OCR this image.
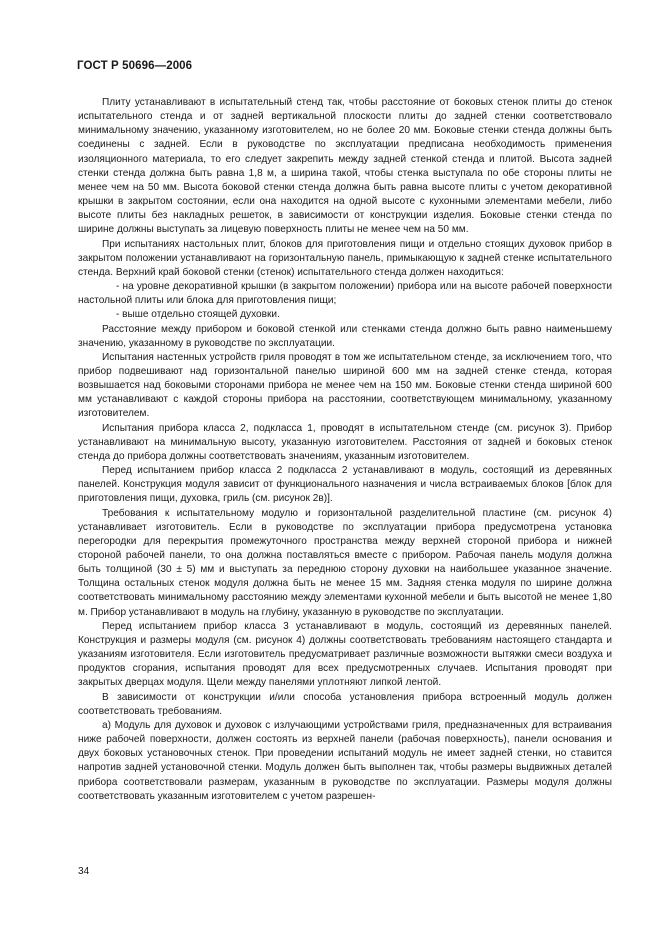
ГОСТ Р 50696—2006

Плиту устанавливают в испытательный стенд так, чтобы расстояние от боковых стенок плиты до стенок испытательного стенда и от задней вертикальной плоскости плиты до задней стенки соответствовало минимальному значению, указанному изготовителем, но не более 20 мм. Боковые стенки стенда должны быть соединены с задней. Если в руководстве по эксплуатации предписана необходимость применения изоляционного материала, то его следует закрепить между задней стенкой стенда и плитой. Высота задней стенки стенда должна быть равна 1,8 м, а ширина такой, чтобы стенка выступала по обе стороны плиты не менее чем на 50 мм. Высота боковой стенки стенда должна быть равна высоте плиты с учетом декоративной крышки в закрытом состоянии, если она находится на одной высоте с кухонными элементами мебели, либо высоте плиты без накладных решеток, в зависимости от конструкции изделия. Боковые стенки стенда по ширине должны выступать за лицевую поверхность плиты не менее чем на 50 мм.

При испытаниях настольных плит, блоков для приготовления пищи и отдельно стоящих духовок прибор в закрытом положении устанавливают на горизонтальную панель, примыкающую к задней стенке испытательного стенда. Верхний край боковой стенки (стенок) испытательного стенда должен находиться:

- на уровне декоративной крышки (в закрытом положении) прибора или на высоте рабочей поверхности настольной плиты или блока для приготовления пищи;

- выше отдельно стоящей духовки.

Расстояние между прибором и боковой стенкой или стенками стенда должно быть равно наименьшему значению, указанному в руководстве по эксплуатации.

Испытания настенных устройств гриля проводят в том же испытательном стенде, за исключением того, что прибор подвешивают над горизонтальной панелью шириной 600 мм на задней стенке стенда, которая возвышается над боковыми сторонами прибора не менее чем на 150 мм. Боковые стенки стенда шириной 600 мм устанавливают с каждой стороны прибора на расстоянии, соответствующем минимальному, указанному изготовителем.

Испытания прибора класса 2, подкласса 1, проводят в испытательном стенде (см. рисунок 3). Прибор устанавливают на минимальную высоту, указанную изготовителем. Расстояния от задней и боковых стенок стенда до прибора должны соответствовать значениям, указанным изготовителем.

Перед испытанием прибор класса 2 подкласса 2 устанавливают в модуль, состоящий из деревянных панелей. Конструкция модуля зависит от функционального назначения и числа встраиваемых блоков [блок для приготовления пищи, духовка, гриль (см. рисунок 2в)].

Требования к испытательному модулю и горизонтальной разделительной пластине (см. рисунок 4) устанавливает изготовитель. Если в руководстве по эксплуатации прибора предусмотрена установка перегородки для перекрытия промежуточного пространства между верхней стороной прибора и нижней стороной рабочей панели, то она должна поставляться вместе с прибором. Рабочая панель модуля должна быть толщиной (30 ± 5) мм и выступать за переднюю сторону духовки на наибольшее указанное значение. Толщина остальных стенок модуля должна быть не менее 15 мм. Задняя стенка модуля по ширине должна соответствовать минимальному расстоянию между элементами кухонной мебели и быть высотой не менее 1,80 м. Прибор устанавливают в модуль на глубину, указанную в руководстве по эксплуатации.

Перед испытанием прибор класса 3 устанавливают в модуль, состоящий из деревянных панелей. Конструкция и размеры модуля (см. рисунок 4) должны соответствовать требованиям настоящего стандарта и указаниям изготовителя. Если изготовитель предусматривает различные возможности вытяжки смеси воздуха и продуктов сгорания, испытания проводят для всех предусмотренных случаев. Испытания проводят при закрытых дверцах модуля. Щели между панелями уплотняют липкой лентой.

В зависимости от конструкции и/или способа установления прибора встроенный модуль должен соответствовать требованиям.

а) Модуль для духовок и духовок с излучающими устройствами гриля, предназначенных для встраивания ниже рабочей поверхности, должен состоять из верхней панели (рабочая поверхность), панели основания и двух боковых установочных стенок. При проведении испытаний модуль не имеет задней стенки, но ставится напротив задней установочной стенки. Модуль должен быть выполнен так, чтобы размеры выдвижных деталей прибора соответствовали размерам, указанным в руководстве по эксплуатации. Размеры модуля должны соответствовать указанным изготовителем с учетом разрешен-

34
